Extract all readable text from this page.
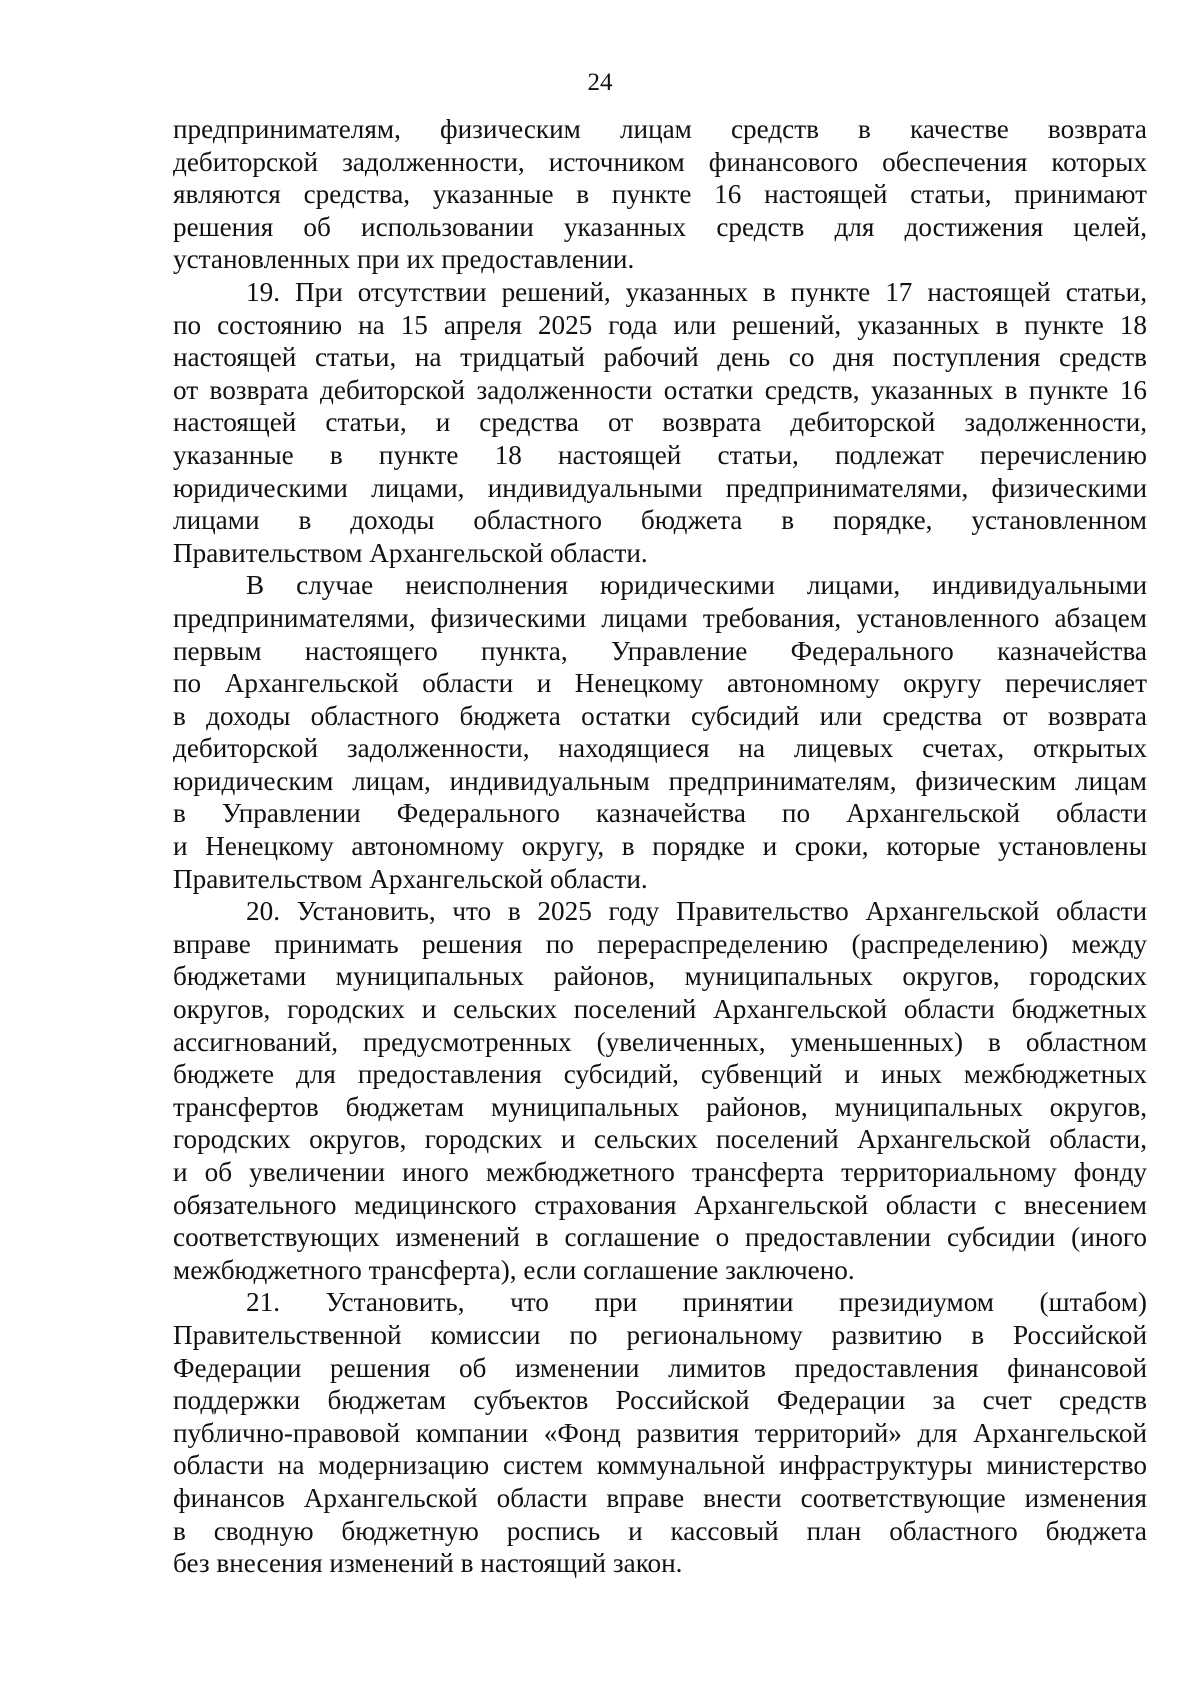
24
предпринимателям, физическим лицам средств в качестве возврата
дебиторской задолженности, источником финансового обеспечения которых
являются средства, указанные в пункте 16 настоящей статьи, принимают
решения об использовании указанных средств для достижения целей,
установленных при их предоставлении.
19. При отсутствии решений, указанных в пункте 17 настоящей статьи,
по состоянию на 15 апреля 2025 года или решений, указанных в пункте 18
настоящей статьи, на тридцатый рабочий день со дня поступления средств
от возврата дебиторской задолженности остатки средств, указанных в пункте 16
настоящей статьи, и средства от возврата дебиторской задолженности,
указанные в пункте 18 настоящей статьи, подлежат перечислению
юридическими лицами, индивидуальными предпринимателями, физическими
лицами в доходы областного бюджета в порядке, установленном
Правительством Архангельской области.
В случае неисполнения юридическими лицами, индивидуальными
предпринимателями, физическими лицами требования, установленного абзацем
первым настоящего пункта, Управление Федерального казначейства
по Архангельской области и Ненецкому автономному округу перечисляет
в доходы областного бюджета остатки субсидий или средства от возврата
дебиторской задолженности, находящиеся на лицевых счетах, открытых
юридическим лицам, индивидуальным предпринимателям, физическим лицам
в Управлении Федерального казначейства по Архангельской области
и Ненецкому автономному округу, в порядке и сроки, которые установлены
Правительством Архангельской области.
20. Установить, что в 2025 году Правительство Архангельской области
вправе принимать решения по перераспределению (распределению) между
бюджетами муниципальных районов, муниципальных округов, городских
округов, городских и сельских поселений Архангельской области бюджетных
ассигнований, предусмотренных (увеличенных, уменьшенных) в областном
бюджете для предоставления субсидий, субвенций и иных межбюджетных
трансфертов бюджетам муниципальных районов, муниципальных округов,
городских округов, городских и сельских поселений Архангельской области,
и об увеличении иного межбюджетного трансферта территориальному фонду
обязательного медицинского страхования Архангельской области с внесением
соответствующих изменений в соглашение о предоставлении субсидии (иного
межбюджетного трансферта), если соглашение заключено.
21. Установить, что при принятии президиумом (штабом)
Правительственной комиссии по региональному развитию в Российской
Федерации решения об изменении лимитов предоставления финансовой
поддержки бюджетам субъектов Российской Федерации за счет средств
публично-правовой компании «Фонд развития территорий» для Архангельской
области на модернизацию систем коммунальной инфраструктуры министерство
финансов Архангельской области вправе внести соответствующие изменения
в сводную бюджетную роспись и кассовый план областного бюджета
без внесения изменений в настоящий закон.
